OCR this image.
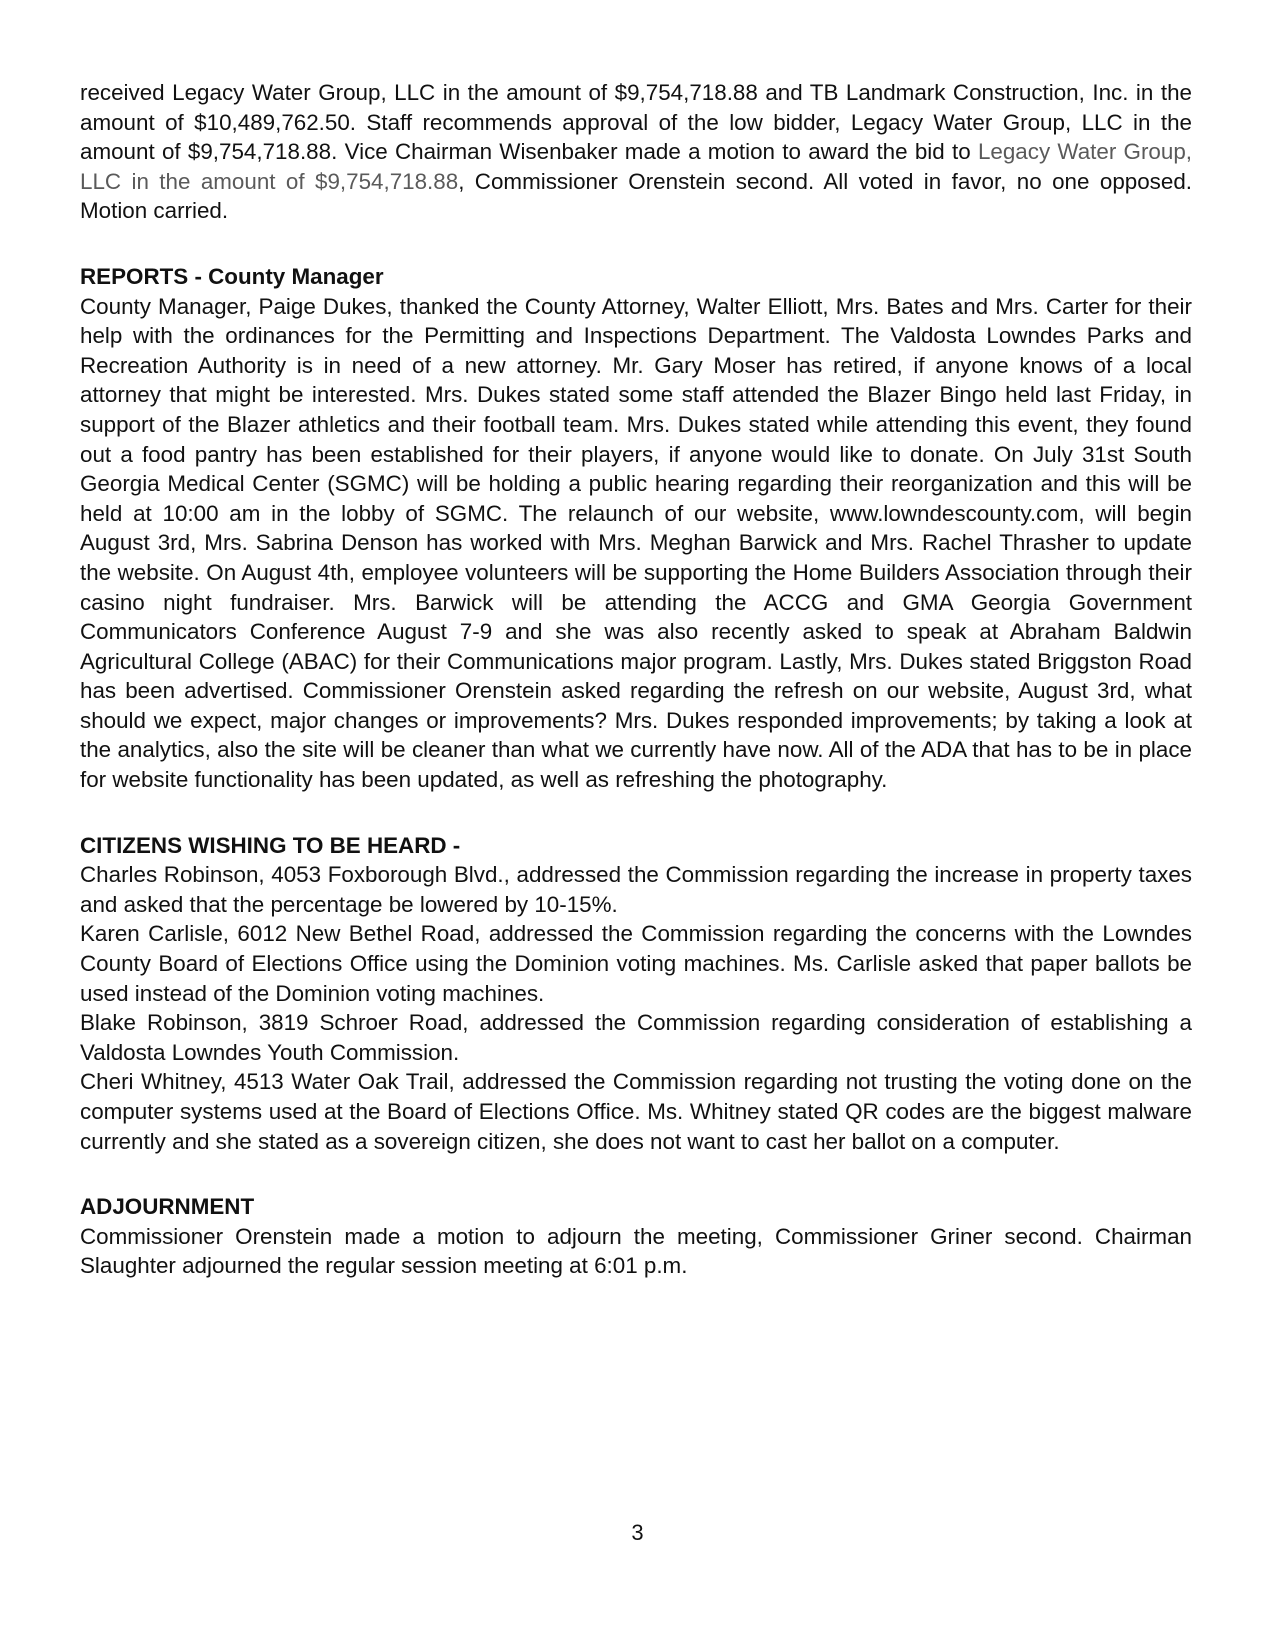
received Legacy Water Group, LLC in the amount of $9,754,718.88 and TB Landmark Construction, Inc. in the amount of $10,489,762.50. Staff recommends approval of the low bidder, Legacy Water Group, LLC in the amount of $9,754,718.88. Vice Chairman Wisenbaker made a motion to award the bid to Legacy Water Group, LLC in the amount of $9,754,718.88, Commissioner Orenstein second. All voted in favor, no one opposed. Motion carried.

REPORTS - County Manager

County Manager, Paige Dukes, thanked the County Attorney, Walter Elliott, Mrs. Bates and Mrs. Carter for their help with the ordinances for the Permitting and Inspections Department. The Valdosta Lowndes Parks and Recreation Authority is in need of a new attorney. Mr. Gary Moser has retired, if anyone knows of a local attorney that might be interested. Mrs. Dukes stated some staff attended the Blazer Bingo held last Friday, in support of the Blazer athletics and their football team. Mrs. Dukes stated while attending this event, they found out a food pantry has been established for their players, if anyone would like to donate. On July 31st South Georgia Medical Center (SGMC) will be holding a public hearing regarding their reorganization and this will be held at 10:00 am in the lobby of SGMC. The relaunch of our website, www.lowndescounty.com, will begin August 3rd, Mrs. Sabrina Denson has worked with Mrs. Meghan Barwick and Mrs. Rachel Thrasher to update the website. On August 4th, employee volunteers will be supporting the Home Builders Association through their casino night fundraiser. Mrs. Barwick will be attending the ACCG and GMA Georgia Government Communicators Conference August 7-9 and she was also recently asked to speak at Abraham Baldwin Agricultural College (ABAC) for their Communications major program. Lastly, Mrs. Dukes stated Briggston Road has been advertised. Commissioner Orenstein asked regarding the refresh on our website, August 3rd, what should we expect, major changes or improvements? Mrs. Dukes responded improvements; by taking a look at the analytics, also the site will be cleaner than what we currently have now. All of the ADA that has to be in place for website functionality has been updated, as well as refreshing the photography.

CITIZENS WISHING TO BE HEARD -

Charles Robinson, 4053 Foxborough Blvd., addressed the Commission regarding the increase in property taxes and asked that the percentage be lowered by 10-15%.

Karen Carlisle, 6012 New Bethel Road, addressed the Commission regarding the concerns with the Lowndes County Board of Elections Office using the Dominion voting machines. Ms. Carlisle asked that paper ballots be used instead of the Dominion voting machines.

Blake Robinson, 3819 Schroer Road, addressed the Commission regarding consideration of establishing a Valdosta Lowndes Youth Commission.

Cheri Whitney, 4513 Water Oak Trail, addressed the Commission regarding not trusting the voting done on the computer systems used at the Board of Elections Office. Ms. Whitney stated QR codes are the biggest malware currently and she stated as a sovereign citizen, she does not want to cast her ballot on a computer.

ADJOURNMENT

Commissioner Orenstein made a motion to adjourn the meeting, Commissioner Griner second. Chairman Slaughter adjourned the regular session meeting at 6:01 p.m.

3
